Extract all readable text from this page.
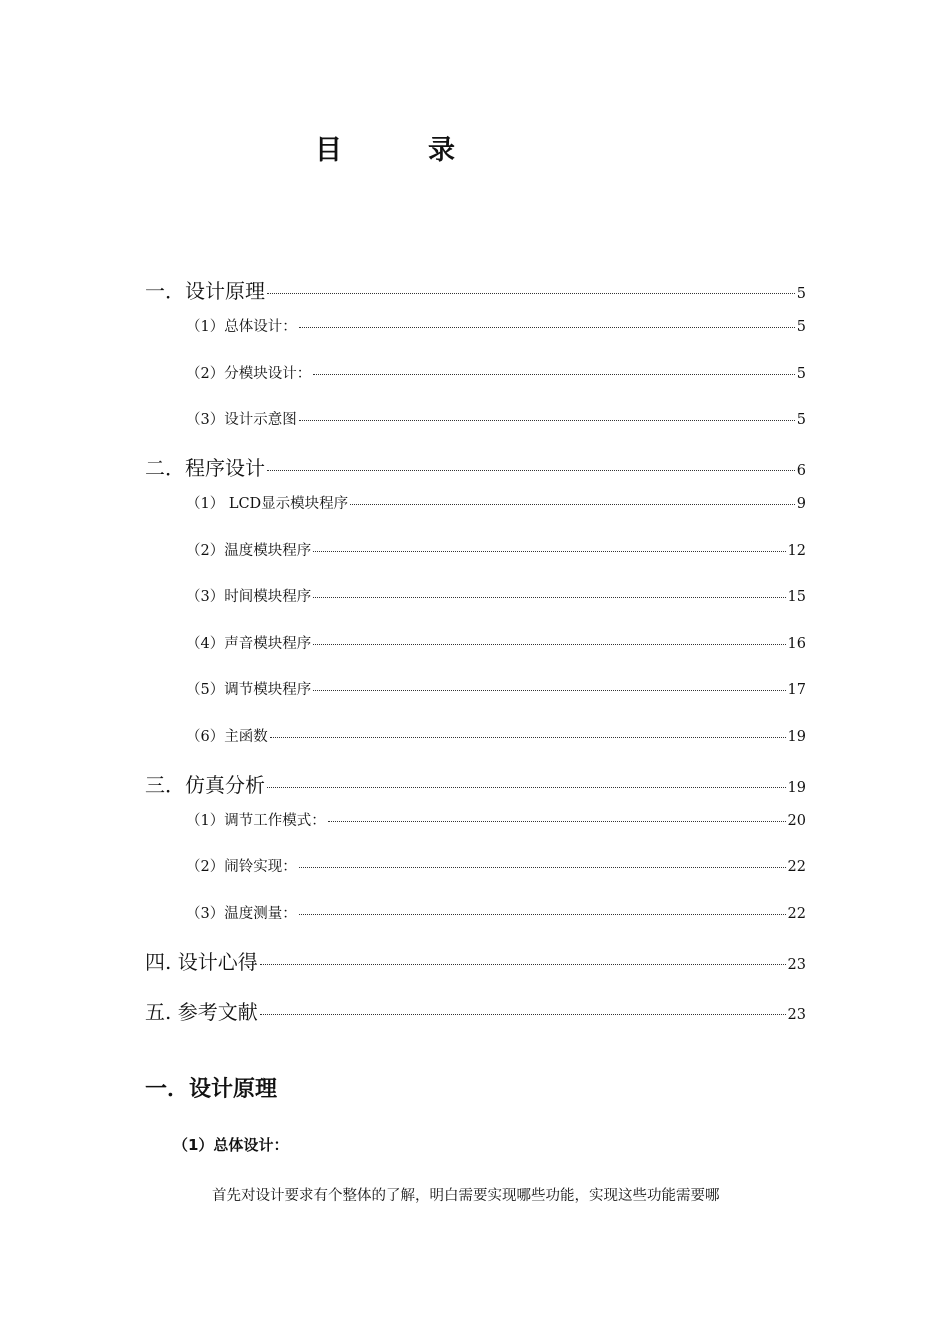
目	录
一．设计原理	5
（1）总体设计：	5
（2）分模块设计：	5
（3）设计示意图	5
二．程序设计	6
（1） LCD显示模块程序	9
（2）温度模块程序	12
（3）时间模块程序	15
（4）声音模块程序	16
（5）调节模块程序	17
（6）主函数	19
三．仿真分析	19
（1）调节工作模式：	20
（2）闹铃实现：	22
（3）温度测量：	22
四. 设计心得	23
五. 参考文献	23
一．设计原理
（1）总体设计：
首先对设计要求有个整体的了解，明白需要实现哪些功能，实现这些功能需要哪
